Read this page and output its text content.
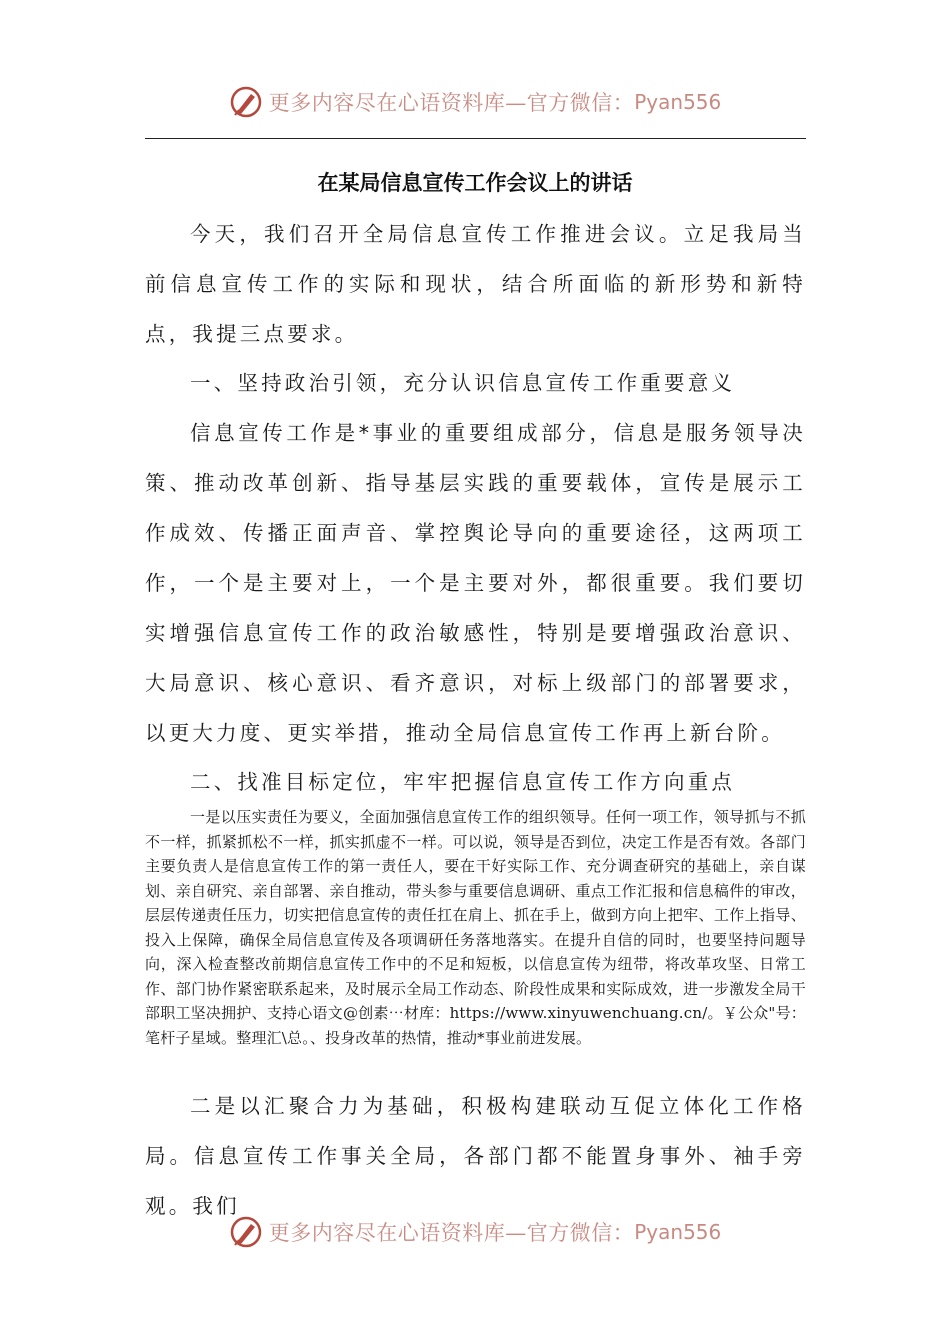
更多内容尽在心语资料库—官方微信： Pyan556
在某局信息宣传工作会议上的讲话

今天，我们召开全局信息宣传工作推进会议。立足我局当前信息宣传工作的实际和现状，结合所面临的新形势和新特点，我提三点要求。

一、坚持政治引领，充分认识信息宣传工作重要意义

信息宣传工作是*事业的重要组成部分，信息是服务领导决策、推动改革创新、指导基层实践的重要载体，宣传是展示工作成效、传播正面声音、掌控舆论导向的重要途径，这两项工作，一个是主要对上，一个是主要对外，都很重要。我们要切实增强信息宣传工作的政治敏感性，特别是要增强政治意识、大局意识、核心意识、看齐意识，对标上级部门的部署要求，以更大力度、更实举措，推动全局信息宣传工作再上新台阶。

二、找准目标定位，牢牢把握信息宣传工作方向重点

一是以压实责任为要义，全面加强信息宣传工作的组织领导。任何一项工作，领导抓与不抓不一样，抓紧抓松不一样，抓实抓虚不一样。可以说，领导是否到位，决定工作是否有效。各部门主要负责人是信息宣传工作的第一责任人，要在干好实际工作、充分调查研究的基础上，亲自谋划、亲自研究、亲自部署、亲自推动，带头参与重要信息调研、重点工作汇报和信息稿件的审改，层层传递责任压力，切实把信息宣传的责任扛在肩上、抓在手上，做到方向上把牢、工作上指导、投入上保障，确保全局信息宣传及各项调研任务落地落实。在提升自信的同时，也要坚持问题导向，深入检查整改前期信息宣传工作中的不足和短板，以信息宣传为纽带，将改革攻坚、日常工作、部门协作紧密联系起来，及时展示全局工作动态、阶段性成果和实际成效，进一步激发全局干部职工坚决拥护、支持心语文@创素⋯材库：https://www.xinyuwenchuang.cn/。￥公众"号：笔杆子星域。整理汇\总。、投身改革的热情，推动*事业前进发展。

二是以汇聚合力为基础，积极构建联动互促立体化工作格局。信息宣传工作事关全局，各部门都不能置身事外、袖手旁观。我们

更多内容尽在心语资料库—官方微信： Pyan556
